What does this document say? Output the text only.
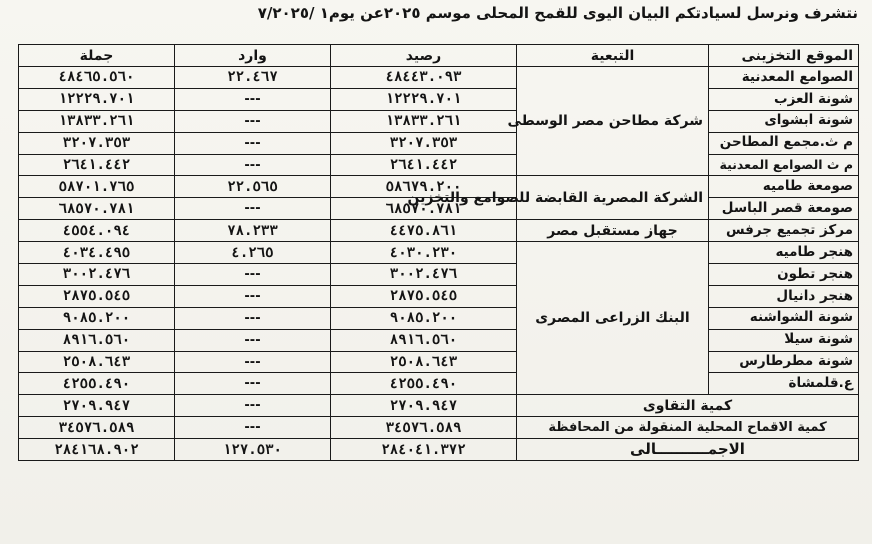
نتشرف ونرسل لسيادتكم البيان اليوى للقمح المحلى موسم ٢٠٢٥عن يوم١ /٧/٢٠٢٥
الموقع التخزينى	التبعية	رصيد	وارد	جملة
الصوامع المعدنية	شركة مطاحن مصر الوسطى	٤٨٤٤٣.٠٩٣	٢٢.٤٦٧	٤٨٤٦٥.٥٦٠
شونة العزب		١٢٢٢٩.٧٠١	---	١٢٢٢٩.٧٠١
شونة ابشواى		١٣٨٣٣.٢٦١	---	١٣٨٣٣.٢٦١
م ث.مجمع المطاحن		٣٢٠٧.٣٥٣	---	٣٢٠٧.٣٥٣
م ث الصوامع المعدنية		٢٦٤١.٤٤٢	---	٢٦٤١.٤٤٢
صومعة طاميه	الشركة المصرية القابضة للصوامع والتخزين	٥٨٦٧٩.٢٠٠	٢٢.٥٦٥	٥٨٧٠١.٧٦٥
صومعة قصر الباسل		٦٨٥٧٠.٧٨١	---	٦٨٥٧٠.٧٨١
مركز تجميع جرفس	جهاز مستقبل مصر	٤٤٧٥.٨٦١	٧٨.٢٣٣	٤٥٥٤.٠٩٤
هنجر طاميه	البنك الزراعى المصرى	٤٠٣٠.٢٣٠	٤.٢٦٥	٤٠٣٤.٤٩٥
هنجر تطون		٣٠٠٢.٤٧٦	---	٣٠٠٢.٤٧٦
هنجر دانيال		٢٨٧٥.٥٤٥	---	٢٨٧٥.٥٤٥
شونة الشواشنه		٩٠٨٥.٢٠٠	---	٩٠٨٥.٢٠٠
شونة سيلا		٨٩١٦.٥٦٠	---	٨٩١٦.٥٦٠
شونة مطرطارس		٢٥٠٨.٦٤٣	---	٢٥٠٨.٦٤٣
ع.قلمشاة		٤٢٥٥.٤٩٠	---	٤٢٥٥.٤٩٠
كمية التقاوى		٢٧٠٩.٩٤٧	---	٢٧٠٩.٩٤٧
كمية الاقماح المحلية المنقولة من المحافظة		٣٤٥٧٦.٥٨٩	---	٣٤٥٧٦.٥٨٩
الاجمــــــــــالى		٢٨٤٠٤١.٣٧٢	١٢٧.٥٣٠	٢٨٤١٦٨.٩٠٢
